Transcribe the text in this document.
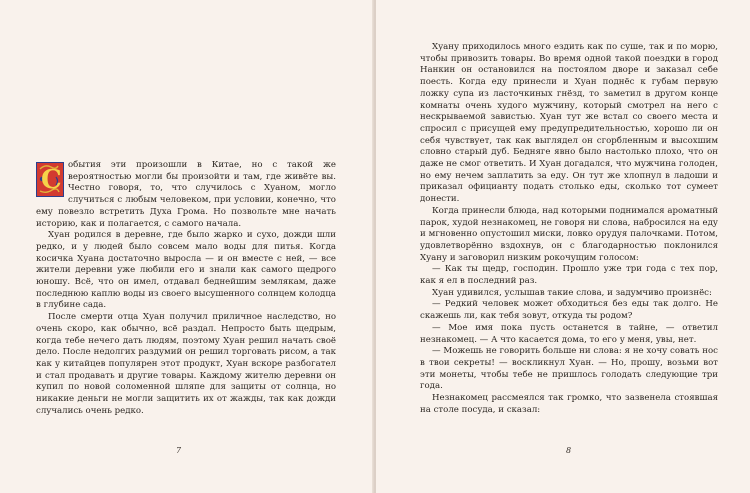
С обытия эти произошли в Китае, но с такой же вероятностью могли бы произойти и там, где живёте вы. Честно говоря, то, что случилось с Хуаном, могло случиться с любым человеком, при условии, конечно, что ему повезло встретить Духа Грома. Но позвольте мне начать историю, как и полагается, с самого начала.

Хуан родился в деревне, где было жарко и сухо, дожди шли редко, и у людей было совсем мало воды для питья. Когда косичка Хуана достаточно выросла — и он вместе с ней, — все жители деревни уже любили его и знали как самого щедрого юношу. Всё, что он имел, отдавал беднейшим землякам, даже последнюю каплю воды из своего высушенного солнцем колодца в глубине сада.

После смерти отца Хуан получил приличное наследство, но очень скоро, как обычно, всё раздал. Непросто быть щедрым, когда тебе нечего дать людям, поэтому Хуан решил начать своё дело. После недолгих раздумий он решил торговать рисом, а так как у китайцев популярен этот продукт, Хуан вскоре разбогател и стал продавать и другие товары. Каждому жителю деревни он купил по новой соломенной шляпе для защиты от солнца, но никакие деньги не могли защитить их от жажды, так как дожди случались очень редко.

7

Хуану приходилось много ездить как по суше, так и по морю, чтобы привозить товары. Во время одной такой поездки в город Нанкин он остановился на постоялом дворе и заказал себе поесть. Когда еду принесли и Хуан поднёс к губам первую ложку супа из ласточкиных гнёзд, то заметил в другом конце комнаты очень худого мужчину, который смотрел на него с нескрываемой завистью. Хуан тут же встал со своего места и спросил с присущей ему предупредительностью, хорошо ли он себя чувствует, так как выглядел он сгорбленным и высохшим словно старый дуб. Бедняге явно было настолько плохо, что он даже не смог ответить. И Хуан догадался, что мужчина голоден, но ему нечем заплатить за еду. Он тут же хлопнул в ладоши и приказал официанту подать столько еды, сколько тот сумеет донести.

Когда принесли блюда, над которыми поднимался ароматный парок, худой незнакомец, не говоря ни слова, набросился на еду и мгновенно опустошил миски, ловко орудуя палочками. Потом, удовлетворённо вздохнув, он с благодарностью поклонился Хуану и заговорил низким рокочущим голосом:

— Как ты щедр, господин. Прошло уже три года с тех пор, как я ел в последний раз.

Хуан удивился, услышав такие слова, и задумчиво произнёс:

— Редкий человек может обходиться без еды так долго. Не скажешь ли, как тебя зовут, откуда ты родом?

— Мое имя пока пусть останется в тайне, — ответил незнакомец. — А что касается дома, то его у меня, увы, нет.

— Можешь не говорить больше ни слова: я не хочу совать нос в твои секреты! — воскликнул Хуан. — Но, прошу, возьми вот эти монеты, чтобы тебе не пришлось голодать следующие три года.

Незнакомец рассмеялся так громко, что зазвенела стоявшая на столе посуда, и сказал:

8
